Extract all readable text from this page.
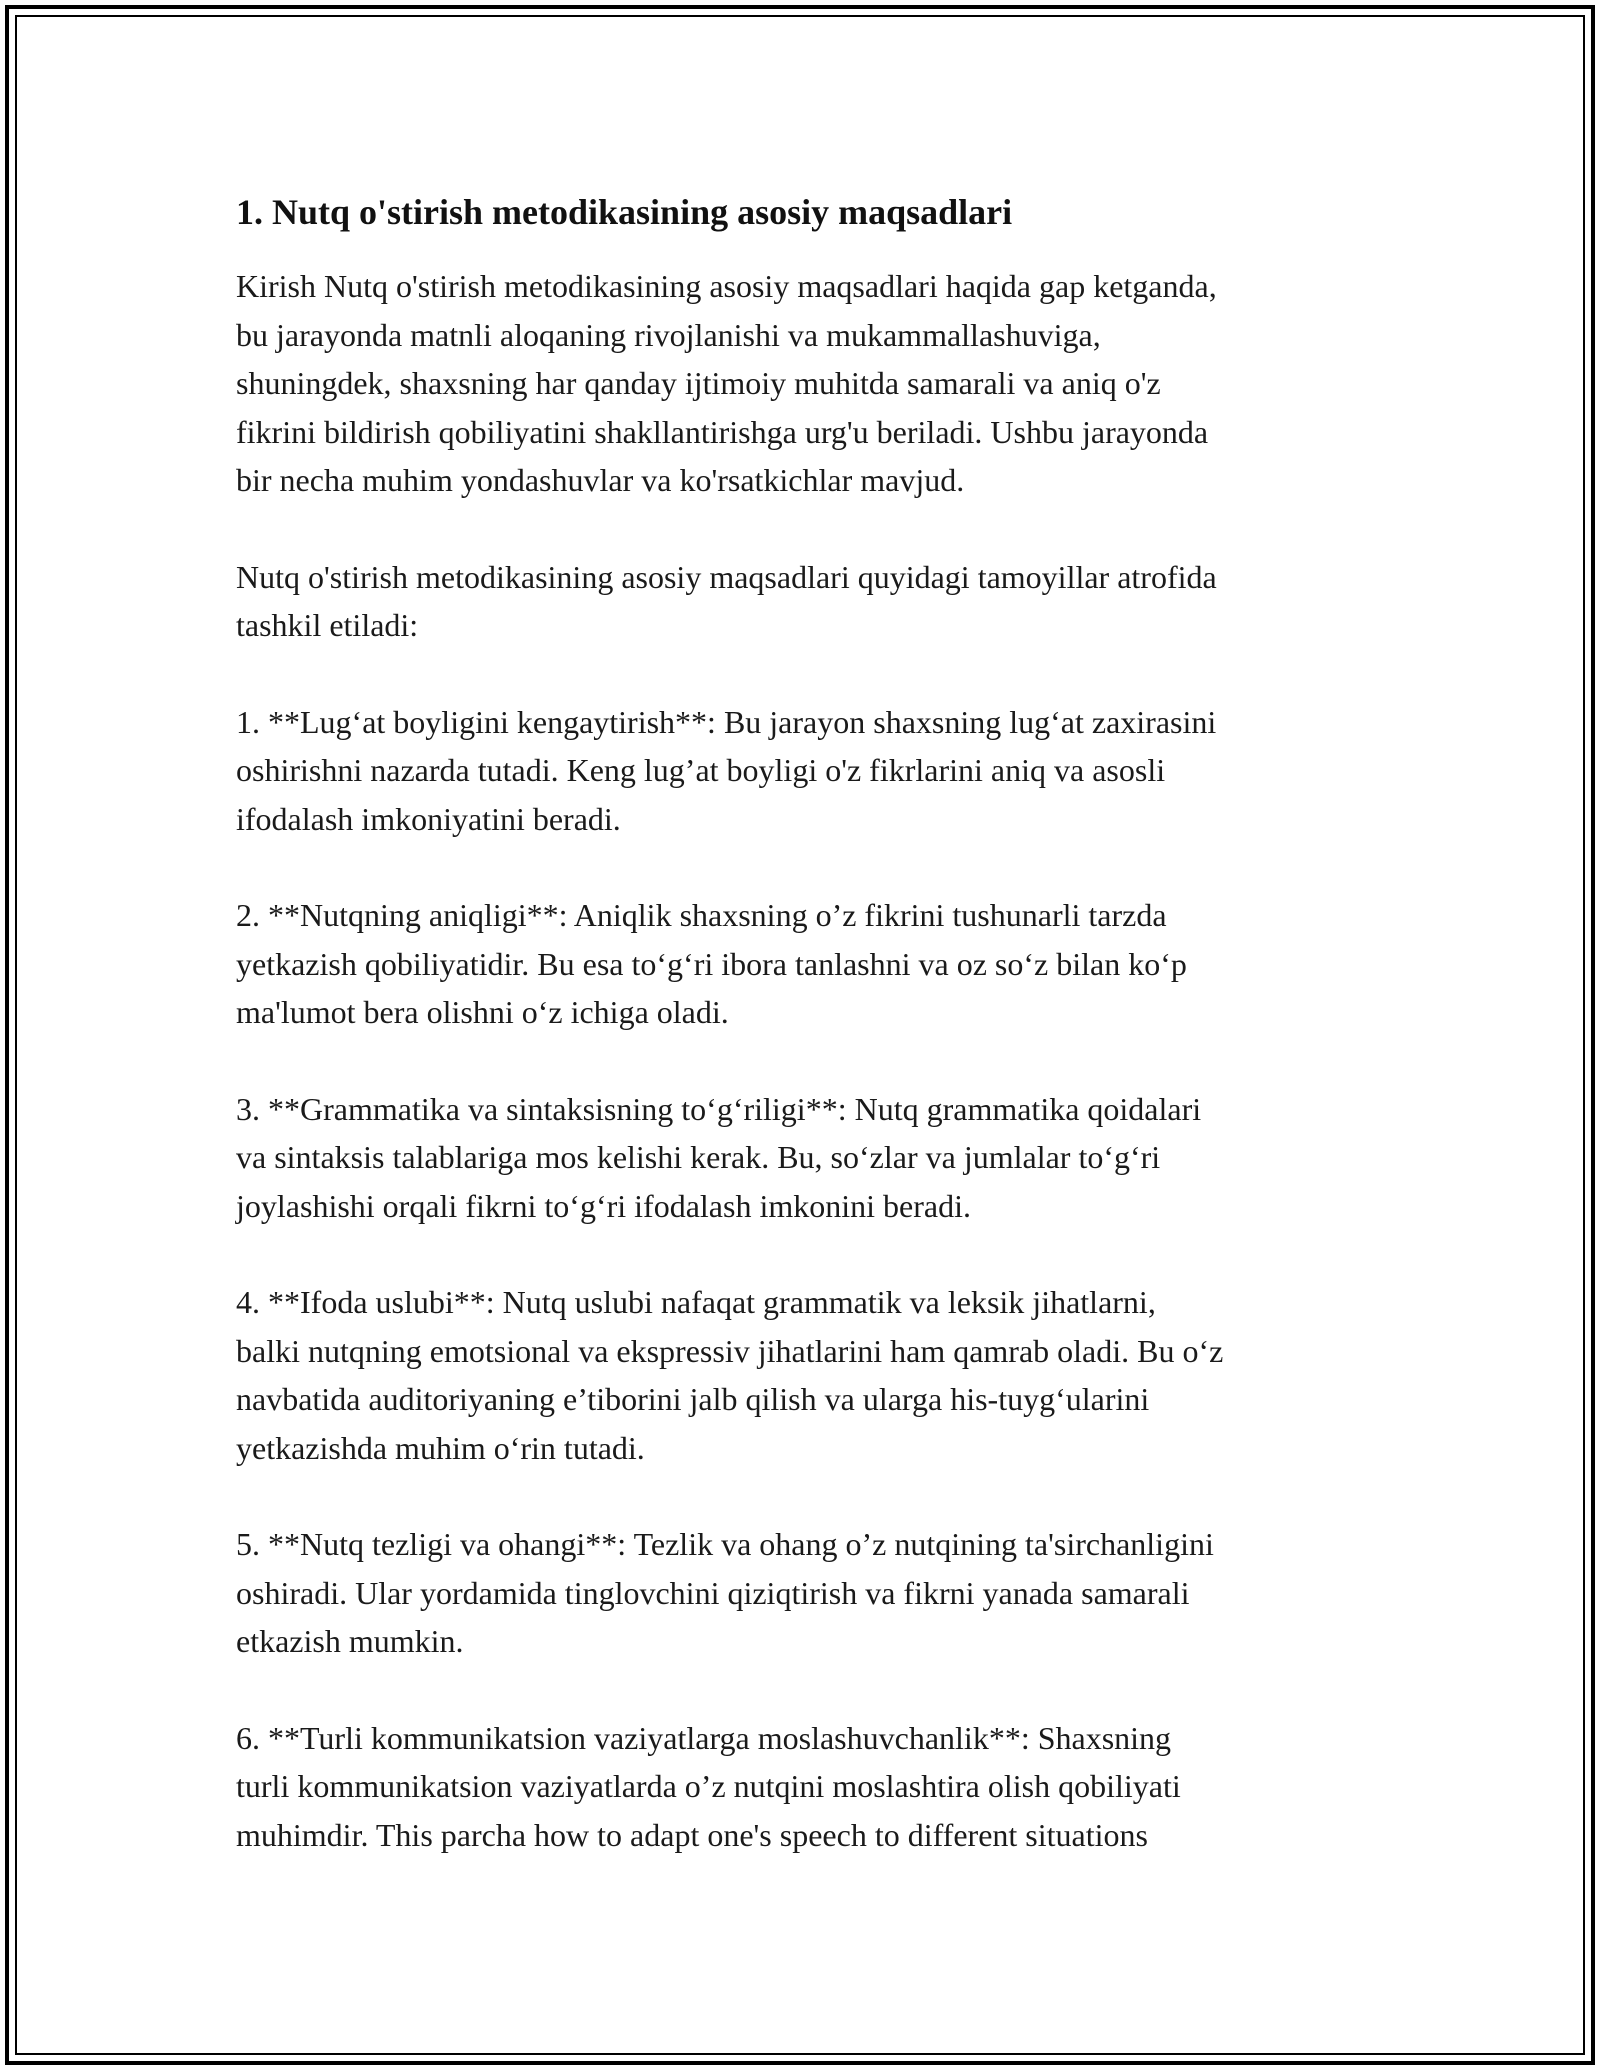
1. Nutq o'stirish metodikasining asosiy maqsadlari

Kirish Nutq o'stirish metodikasining asosiy maqsadlari haqida gap ketganda,
bu jarayonda matnli aloqaning rivojlanishi va mukammallashuviga,
shuningdek, shaxsning har qanday ijtimoiy muhitda samarali va aniq o'z
fikrini bildirish qobiliyatini shakllantirishga urg'u beriladi. Ushbu jarayonda
bir necha muhim yondashuvlar va ko'rsatkichlar mavjud.

Nutq o'stirish metodikasining asosiy maqsadlari quyidagi tamoyillar atrofida
tashkil etiladi:

1. **Lug‘at boyligini kengaytirish**: Bu jarayon shaxsning lug‘at zaxirasini
oshirishni nazarda tutadi. Keng lug’at boyligi o'z fikrlarini aniq va asosli
ifodalash imkoniyatini beradi.

2. **Nutqning aniqligi**: Aniqlik shaxsning o’z fikrini tushunarli tarzda
yetkazish qobiliyatidir. Bu esa to‘g‘ri ibora tanlashni va oz so‘z bilan ko‘p
ma'lumot bera olishni o‘z ichiga oladi.

3. **Grammatika va sintaksisning to‘g‘riligi**: Nutq grammatika qoidalari
va sintaksis talablariga mos kelishi kerak. Bu, so‘zlar va jumlalar to‘g‘ri
joylashishi orqali fikrni to‘g‘ri ifodalash imkonini beradi.

4. **Ifoda uslubi**: Nutq uslubi nafaqat grammatik va leksik jihatlarni,
balki nutqning emotsional va ekspressiv jihatlarini ham qamrab oladi. Bu o‘z
navbatida auditoriyaning e’tiborini jalb qilish va ularga his-tuyg‘ularini
yetkazishda muhim o‘rin tutadi.

5. **Nutq tezligi va ohangi**: Tezlik va ohang o’z nutqining ta'sirchanligini
oshiradi. Ular yordamida tinglovchini qiziqtirish va fikrni yanada samarali
etkazish mumkin.

6. **Turli kommunikatsion vaziyatlarga moslashuvchanlik**: Shaxsning
turli kommunikatsion vaziyatlarda o’z nutqini moslashtira olish qobiliyati
muhimdir. This parcha how to adapt one's speech to different situations
